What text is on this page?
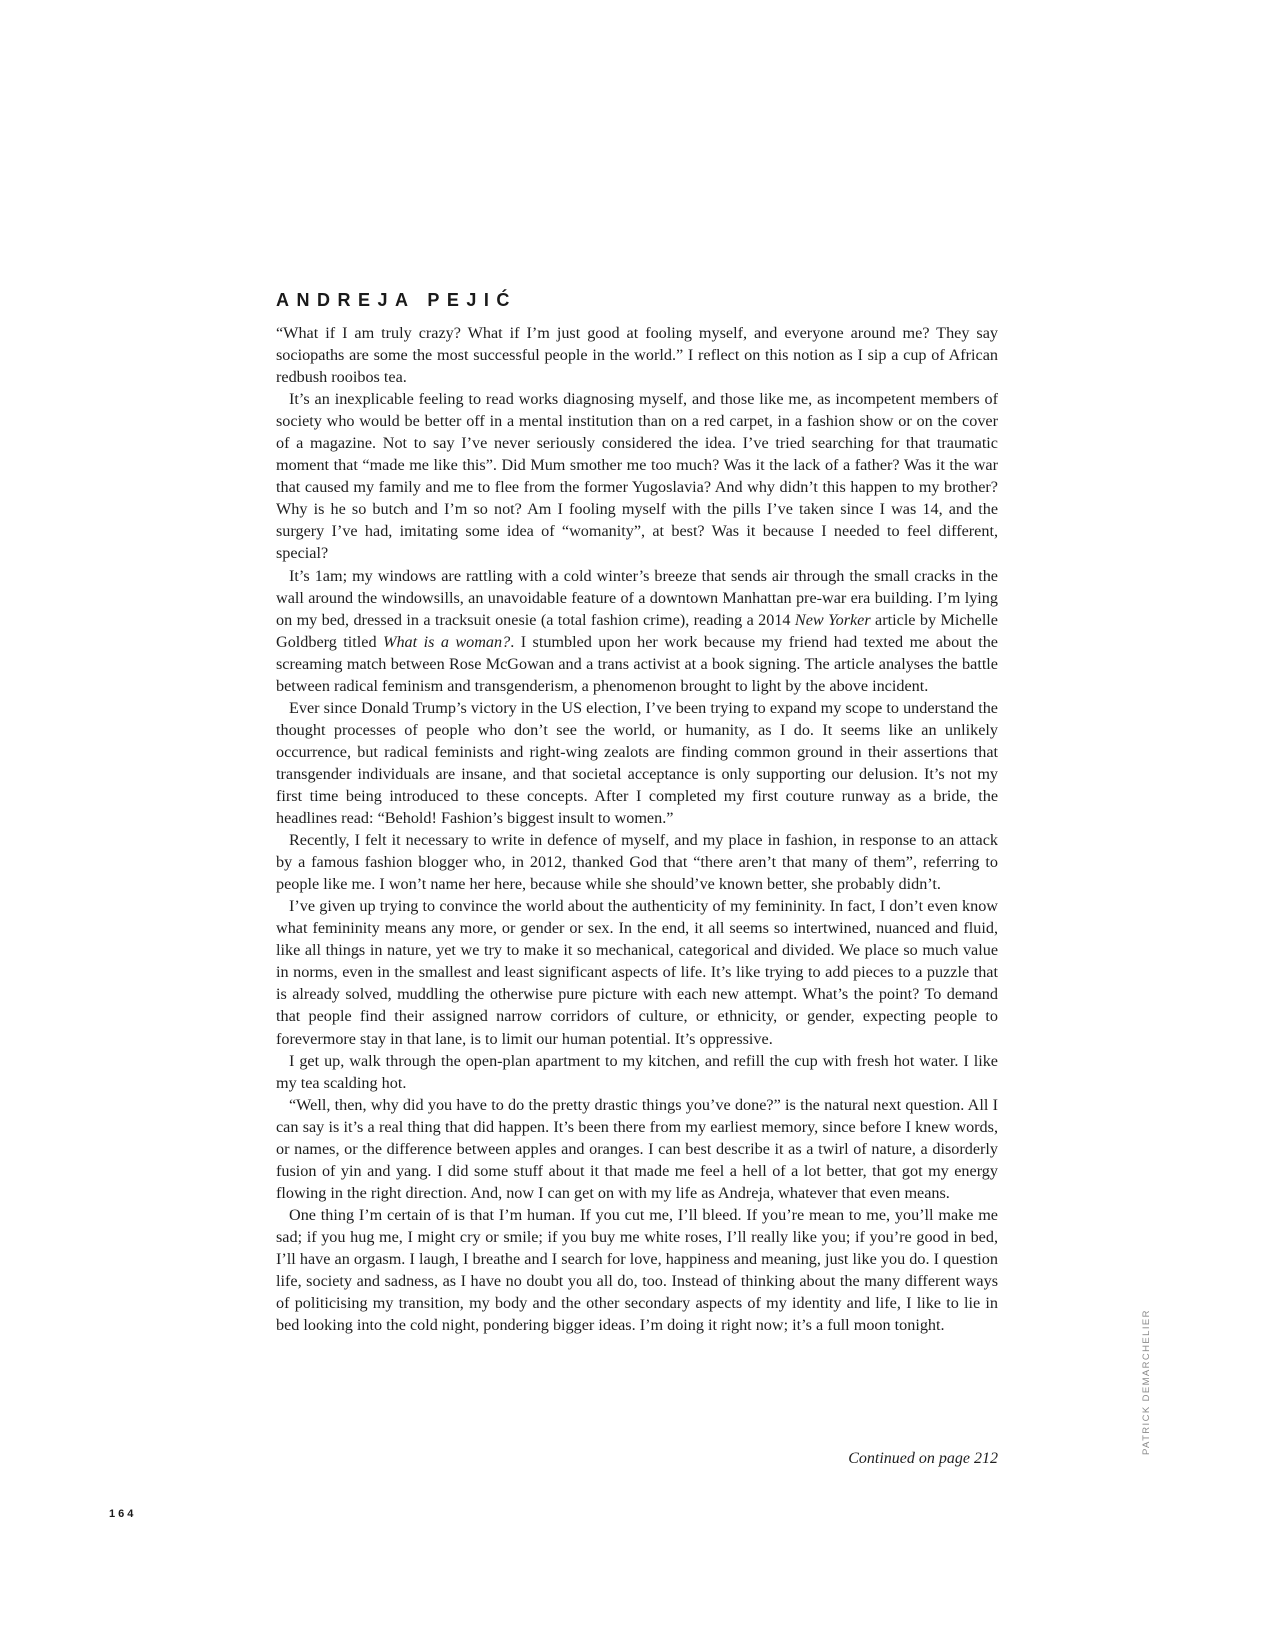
ANDREJA PEJIĆ

“What if I am truly crazy? What if I’m just good at fooling myself, and everyone around me? They say sociopaths are some the most successful people in the world.” I reflect on this notion as I sip a cup of African redbush rooibos tea.

It’s an inexplicable feeling to read works diagnosing myself, and those like me, as incompetent members of society who would be better off in a mental institution than on a red carpet, in a fashion show or on the cover of a magazine. Not to say I’ve never seriously considered the idea. I’ve tried searching for that traumatic moment that “made me like this”. Did Mum smother me too much? Was it the lack of a father? Was it the war that caused my family and me to flee from the former Yugoslavia? And why didn’t this happen to my brother? Why is he so butch and I’m so not? Am I fooling myself with the pills I’ve taken since I was 14, and the surgery I’ve had, imitating some idea of “womanity”, at best? Was it because I needed to feel different, special?

It’s 1am; my windows are rattling with a cold winter’s breeze that sends air through the small cracks in the wall around the windowsills, an unavoidable feature of a downtown Manhattan pre-war era building. I’m lying on my bed, dressed in a tracksuit onesie (a total fashion crime), reading a 2014 New Yorker article by Michelle Goldberg titled What is a woman?. I stumbled upon her work because my friend had texted me about the screaming match between Rose McGowan and a trans activist at a book signing. The article analyses the battle between radical feminism and transgenderism, a phenomenon brought to light by the above incident.

Ever since Donald Trump’s victory in the US election, I’ve been trying to expand my scope to understand the thought processes of people who don’t see the world, or humanity, as I do. It seems like an unlikely occurrence, but radical feminists and right-wing zealots are finding common ground in their assertions that transgender individuals are insane, and that societal acceptance is only supporting our delusion. It’s not my first time being introduced to these concepts. After I completed my first couture runway as a bride, the headlines read: “Behold! Fashion’s biggest insult to women.”

Recently, I felt it necessary to write in defence of myself, and my place in fashion, in response to an attack by a famous fashion blogger who, in 2012, thanked God that “there aren’t that many of them”, referring to people like me. I won’t name her here, because while she should’ve known better, she probably didn’t.

I’ve given up trying to convince the world about the authenticity of my femininity. In fact, I don’t even know what femininity means any more, or gender or sex. In the end, it all seems so intertwined, nuanced and fluid, like all things in nature, yet we try to make it so mechanical, categorical and divided. We place so much value in norms, even in the smallest and least significant aspects of life. It’s like trying to add pieces to a puzzle that is already solved, muddling the otherwise pure picture with each new attempt. What’s the point? To demand that people find their assigned narrow corridors of culture, or ethnicity, or gender, expecting people to forevermore stay in that lane, is to limit our human potential. It’s oppressive.

I get up, walk through the open-plan apartment to my kitchen, and refill the cup with fresh hot water. I like my tea scalding hot.

“Well, then, why did you have to do the pretty drastic things you’ve done?” is the natural next question. All I can say is it’s a real thing that did happen. It’s been there from my earliest memory, since before I knew words, or names, or the difference between apples and oranges. I can best describe it as a twirl of nature, a disorderly fusion of yin and yang. I did some stuff about it that made me feel a hell of a lot better, that got my energy flowing in the right direction. And, now I can get on with my life as Andreja, whatever that even means.

One thing I’m certain of is that I’m human. If you cut me, I’ll bleed. If you’re mean to me, you’ll make me sad; if you hug me, I might cry or smile; if you buy me white roses, I’ll really like you; if you’re good in bed, I’ll have an orgasm. I laugh, I breathe and I search for love, happiness and meaning, just like you do. I question life, society and sadness, as I have no doubt you all do, too. Instead of thinking about the many different ways of politicising my transition, my body and the other secondary aspects of my identity and life, I like to lie in bed looking into the cold night, pondering bigger ideas. I’m doing it right now; it’s a full moon tonight.

Continued on page 212

164
PATRICK DEMARCHELIER
